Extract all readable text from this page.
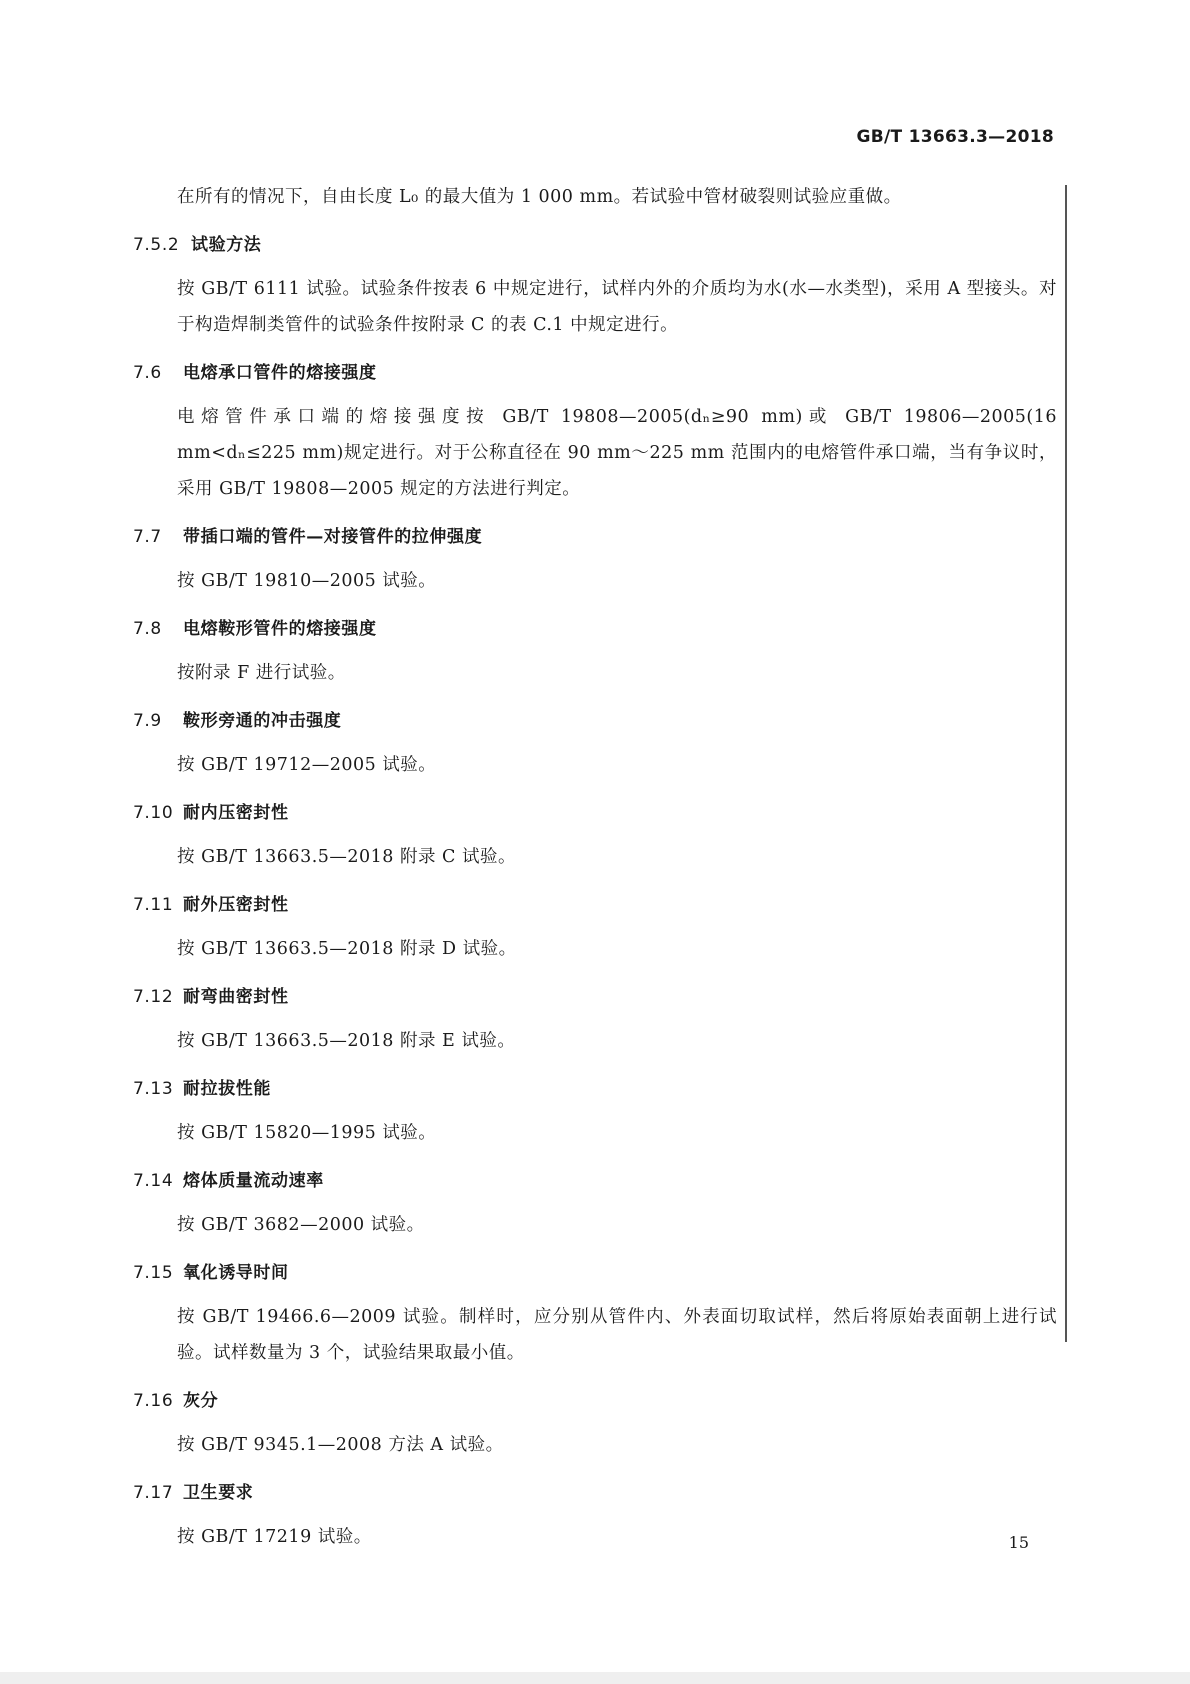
GB/T 13663.3—2018

在所有的情况下，自由长度 L₀ 的最大值为 1 000 mm。若试验中管材破裂则试验应重做。

7.5.2 试验方法

按 GB/T 6111 试验。试验条件按表 6 中规定进行，试样内外的介质均为水(水—水类型)，采用 A 型接头。对于构造焊制类管件的试验条件按附录 C 的表 C.1 中规定进行。

7.6 电熔承口管件的熔接强度

电熔管件承口端的熔接强度按 GB/T 19808—2005(dₙ≥90 mm)或 GB/T 19806—2005(16 mm<dₙ≤225 mm)规定进行。对于公称直径在 90 mm～225 mm 范围内的电熔管件承口端，当有争议时，采用 GB/T 19808—2005 规定的方法进行判定。

7.7 带插口端的管件—对接管件的拉伸强度

按 GB/T 19810—2005 试验。

7.8 电熔鞍形管件的熔接强度

按附录 F 进行试验。

7.9 鞍形旁通的冲击强度

按 GB/T 19712—2005 试验。

7.10 耐内压密封性

按 GB/T 13663.5—2018 附录 C 试验。

7.11 耐外压密封性

按 GB/T 13663.5—2018 附录 D 试验。

7.12 耐弯曲密封性

按 GB/T 13663.5—2018 附录 E 试验。

7.13 耐拉拔性能

按 GB/T 15820—1995 试验。

7.14 熔体质量流动速率

按 GB/T 3682—2000 试验。

7.15 氧化诱导时间

按 GB/T 19466.6—2009 试验。制样时，应分别从管件内、外表面切取试样，然后将原始表面朝上进行试验。试样数量为 3 个，试验结果取最小值。

7.16 灰分

按 GB/T 9345.1—2008 方法 A 试验。

7.17 卫生要求

按 GB/T 17219 试验。	15
